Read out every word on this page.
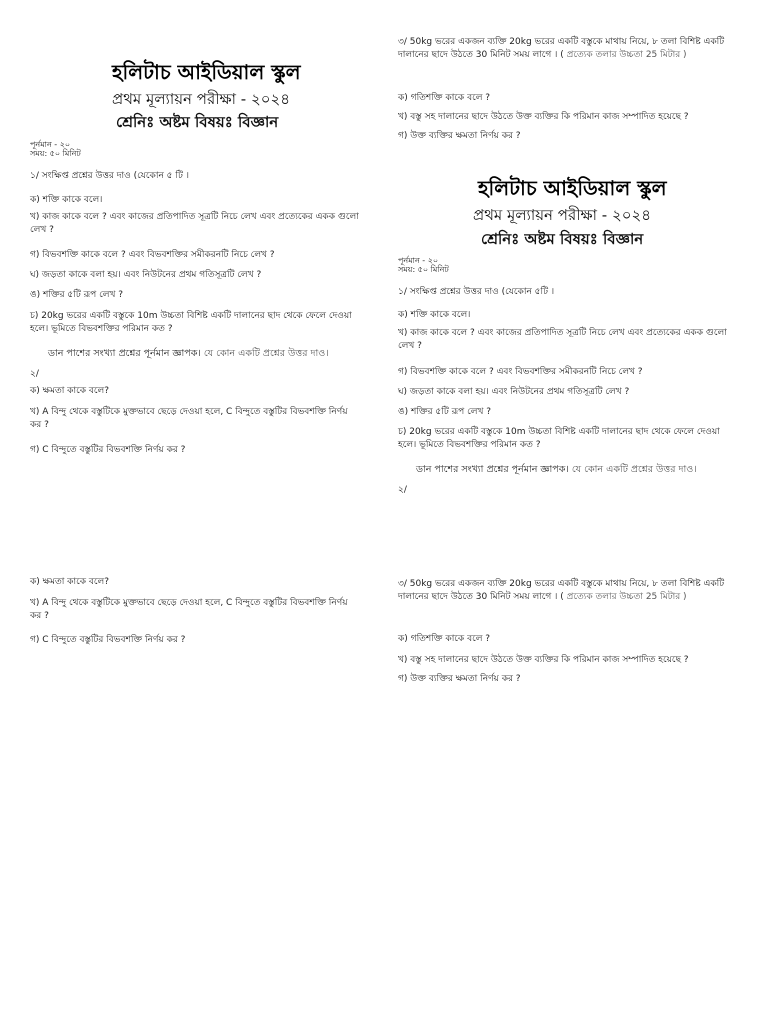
হলিটাচ আইডিয়াল স্কুল
প্রথম মূল্যায়ন পরীক্ষা - ২০২৪
শ্রেনিঃ অষ্টম বিষয়ঃ বিজ্ঞান
পূর্নমান - ২০
সময়: ৫০ মিনিট
১/ সংক্ষিপ্ত প্রশ্নের উত্তর দাও (যেকোন ৫ টি ।
ক) শক্তি কাকে বলে।
খ) কাজ কাকে বলে ? এবং কাজের প্রতিপাদিত সূত্রটি নিচে লেখ এবং প্রত্যেকের একক গুলো লেখ ?
গ) বিভবশক্তি কাকে বলে ? এবং বিভবশক্তির সমীকরনটি নিচে লেখ ?
ঘ) জড়তা কাকে বলা হয়। এবং নিউটনের প্রথম গতিসূত্রটি লেখ ?
ঙ) শক্তির ৫টি রূপ লেখ ?
চ) 20kg ভরের একটি বস্তুকে 10m উচ্চতা বিশিষ্ট একটি দালানের ছাদ থেকে ফেলে দেওয়া হলে। ভূমিতে বিভবশক্তির পরিমান কত ?
ডান পাশের সংখ্যা প্রশ্নের পূর্নমান জ্ঞাপক। যে কোন একটি প্রশ্নের উত্তর দাও।
২/
ক) ক্ষমতা কাকে বলে?
খ) A বিন্দু থেকে বস্তুটিকে মুক্তভাবে ছেড়ে দেওয়া হলে, C বিন্দুতে বস্তুটির বিভবশক্তি নির্ণয় কর ?
গ) C বিন্দুতে বস্তুটির বিভবশক্তি নির্ণয় কর ?
৩/ 50kg ভরের একজন ব্যক্তি 20kg ভরের একটি বস্তুকে মাথায় নিয়ে, ৮ তলা বিশিষ্ট একটি দালানের ছাদে উঠতে 30 মিনিট সময় লাগে । ( প্রত্যেক তলার উচ্চতা 25 মিটার )
ক) গতিশক্তি কাকে বলে ?
খ) বস্তু সহ দালানের ছাদে উঠতে উক্ত ব্যক্তির কি পরিমান কাজ সম্পাদিত হয়েছে ?
গ) উক্ত ব্যক্তির ক্ষমতা নির্ণয় কর ?
হলিটাচ আইডিয়াল স্কুল
প্রথম মূল্যায়ন পরীক্ষা - ২০২৪
শ্রেনিঃ অষ্টম বিষয়ঃ বিজ্ঞান
পূর্নমান - ২০
সময়: ৫০ মিনিট
১/ সংক্ষিপ্ত প্রশ্নের উত্তর দাও (যেকোন ৫টি ।
ক) শক্তি কাকে বলে।
খ) কাজ কাকে বলে ? এবং কাজের প্রতিপাদিত সূত্রটি নিচে লেখ এবং প্রত্যেকের একক গুলো লেখ ?
গ) বিভবশক্তি কাকে বলে ? এবং বিভবশক্তির সমীকরনটি নিচে লেখ ?
ঘ) জড়তা কাকে বলা হয়। এবং নিউটনের প্রথম গতিসূত্রটি লেখ ?
ঙ) শক্তির ৫টি রূপ লেখ ?
চ) 20kg ভরের একটি বস্তুকে 10m উচ্চতা বিশিষ্ট একটি দালানের ছাদ থেকে ফেলে দেওয়া হলে। ভূমিতে বিভবশক্তির পরিমান কত ?
ডান পাশের সংখ্যা প্রশ্নের পূর্নমান জ্ঞাপক। যে কোন একটি প্রশ্নের উত্তর দাও।
২/
ক) ক্ষমতা কাকে বলে?
খ) A বিন্দু থেকে বস্তুটিকে মুক্তভাবে ছেড়ে দেওয়া হলে, C বিন্দুতে বস্তুটির বিভবশক্তি নির্ণয় কর ?
গ) C বিন্দুতে বস্তুটির বিভবশক্তি নির্ণয় কর ?
৩/ 50kg ভরের একজন ব্যক্তি 20kg ভরের একটি বস্তুকে মাথায় নিয়ে, ৮ তলা বিশিষ্ট একটি দালানের ছাদে উঠতে 30 মিনিট সময় লাগে । ( প্রত্যেক তলার উচ্চতা 25 মিটার )
ক) গতিশক্তি কাকে বলে ?
খ) বস্তু সহ দালানের ছাদে উঠতে উক্ত ব্যক্তির কি পরিমান কাজ সম্পাদিত হয়েছে ?
গ) উক্ত ব্যক্তির ক্ষমতা নির্ণয় কর ?
